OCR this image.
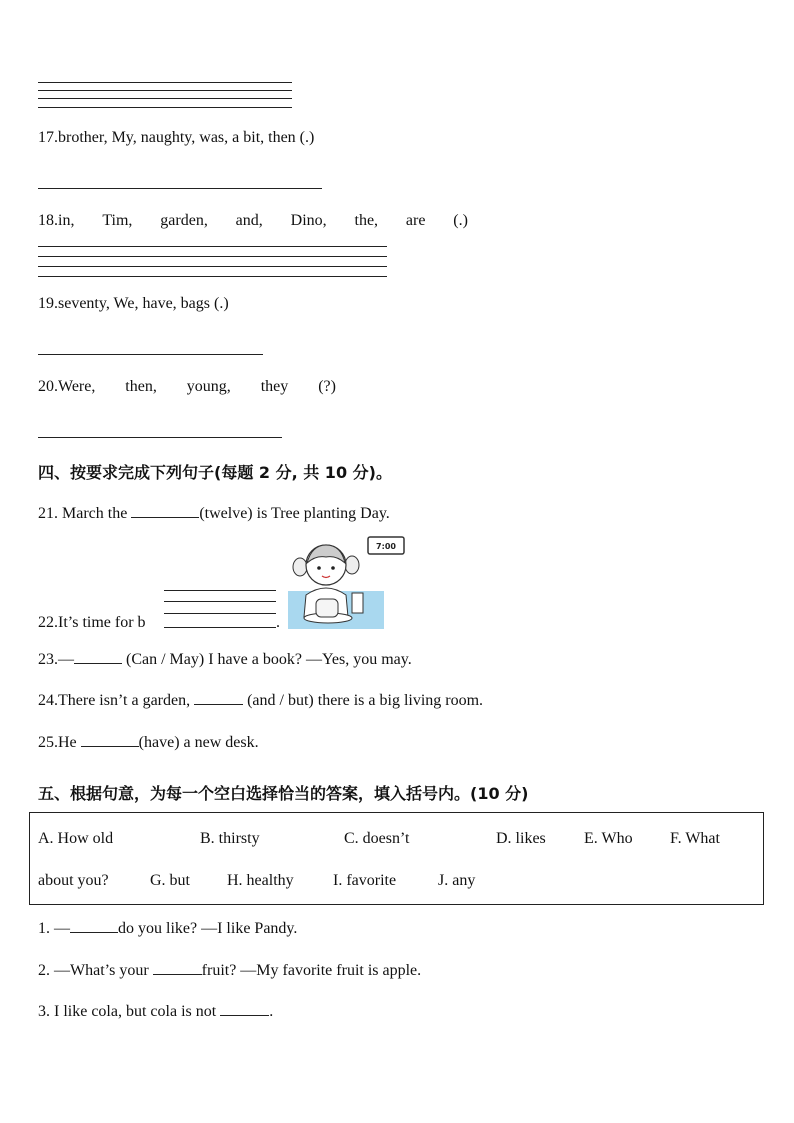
17.brother, My, naughty, was, a bit, then (.)
18.in, Tim, garden, and, Dino, the, are (.)
19.seventy, We, have, bags (.)
20.Were, then, young, they (?)
四、按要求完成下列句子(每题 2 分, 共 10 分)。
21. March the	(twelve) is Tree planting Day.
7:00
22.It’s time for b	.
23.—	(Can / May) I have a book? —Yes, you may.
24.There isn’t a garden,	(and / but) there is a big living room.
25.He	(have) a new desk.
五、根据句意，为每一个空白选择恰当的答案，填入括号内。(10 分)
A. How old	B. thirsty	C. doesn’t	D. likes E. Who F. What
about you?	G. but H. healthy I. favorite	J. any
1. —	do you like? —I like Pandy.
2. —What’s your	fruit? —My favorite fruit is apple.
3. I like cola, but cola is not	.
